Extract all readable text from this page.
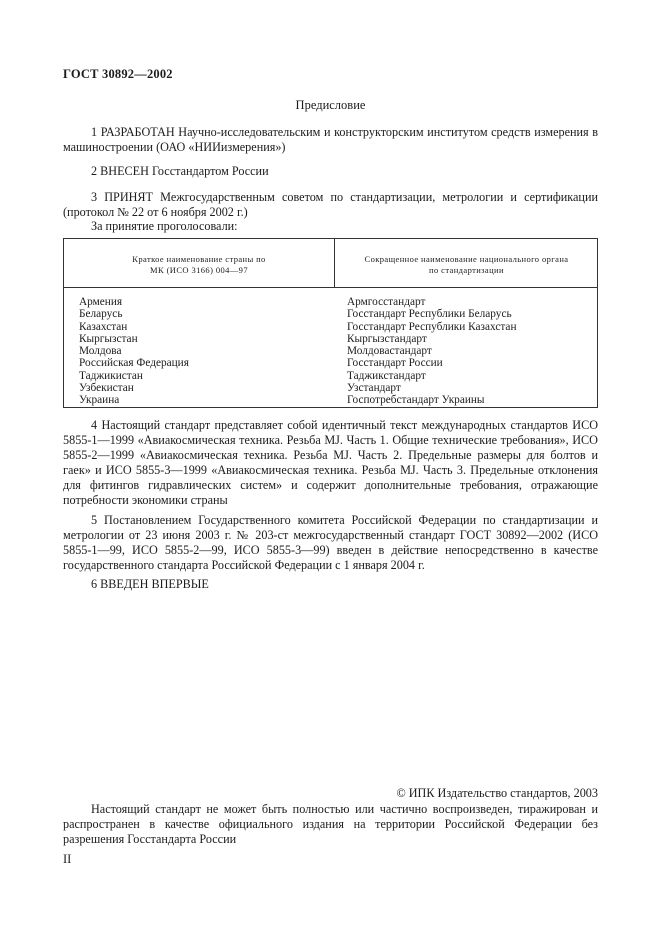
ГОСТ 30892—2002
Предисловие

1 РАЗРАБОТАН Научно-исследовательским и конструкторским институтом средств измерения в машиностроении (ОАО «НИИизмерения»)

2 ВНЕСЕН Госстандартом России

3 ПРИНЯТ Межгосударственным советом по стандартизации, метрологии и сертификации (протокол № 22 от 6 ноября 2002 г.)

За принятие проголосовали:

Краткое наименование страны по
МК (ИСО 3166) 004—97
Сокращенное наименование национального органа
по стандартизации
Армения
Беларусь
Казахстан
Кыргызстан
Молдова
Российская Федерация
Таджикистан
Узбекистан
Украина
Армгосстандарт
Госстандарт Республики Беларусь
Госстандарт Республики Казахстан
Кыргызстандарт
Молдовастандарт
Госстандарт России
Таджикстандарт
Узстандарт
Госпотребстандарт Украины

4 Настоящий стандарт представляет собой идентичный текст международных стандартов ИСО 5855-1—1999 «Авиакосмическая техника. Резьба MJ. Часть 1. Общие технические требования», ИСО 5855-2—1999 «Авиакосмическая техника. Резьба MJ. Часть 2. Предельные размеры для болтов и гаек» и ИСО 5855-3—1999 «Авиакосмическая техника. Резьба MJ. Часть 3. Предельные отклонения для фитингов гидравлических систем» и содержит дополнительные требования, отражающие потребности экономики страны

5 Постановлением Государственного комитета Российской Федерации по стандартизации и метрологии от 23 июня 2003 г. № 203-ст межгосударственный стандарт ГОСТ 30892—2002 (ИСО 5855-1—99, ИСО 5855-2—99, ИСО 5855-3—99) введен в действие непосредственно в качестве государственного стандарта Российской Федерации с 1 января 2004 г.

6 ВВЕДЕН ВПЕРВЫЕ

© ИПК Издательство стандартов, 2003

Настоящий стандарт не может быть полностью или частично воспроизведен, тиражирован и распространен в качестве официального издания на территории Российской Федерации без разрешения Госстандарта России

II
